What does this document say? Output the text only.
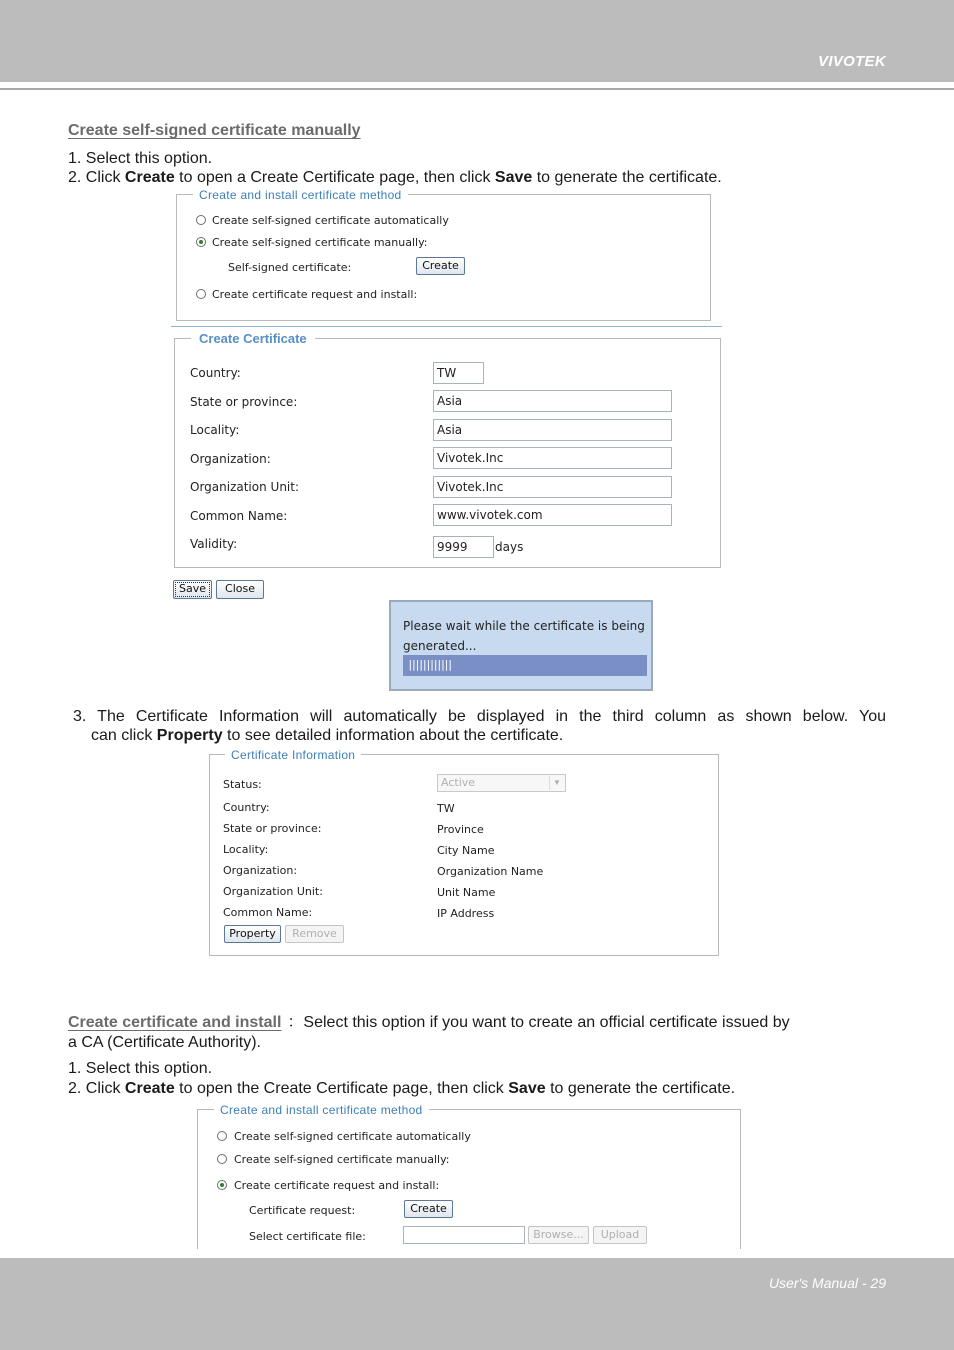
VIVOTEK
User's Manual - 29
Create self-signed certificate manually
1. Select this option.
2. Click Create to open a Create Certificate page, then click Save to generate the certificate.
Create and install certificate method
Create self-signed certificate automatically
Create self-signed certificate manually:
Self-signed certificate:	Create
Create certificate request and install:
Create Certificate
Country:	TW
State or province:	Asia
Locality:	Asia
Organization:	Vivotek.Inc
Organization Unit:	Vivotek.Inc
Common Name:	www.vivotek.com
Validity:	9999	days
Save	Close
Please wait while the certificate is being
generated...
||||||||||||
3. The Certificate Information will automatically be displayed in the third column as shown below. You
can click Property to see detailed information about the certificate.
Certificate Information
Status:	Active	▼
Country:	TW
State or province:	Province
Locality:	City Name
Organization:	Organization Name
Organization Unit:	Unit Name
Common Name:	IP Address
Property	Remove
Create certificate and install ：Select this option if you want to create an official certificate issued by
a CA (Certificate Authority).
1. Select this option.
2. Click Create to open the Create Certificate page, then click Save to generate the certificate.
Create and install certificate method
Create self-signed certificate automatically
Create self-signed certificate manually:
Create certificate request and install:
Certificate request:	Create
Select certificate file:	Browse...	Upload
